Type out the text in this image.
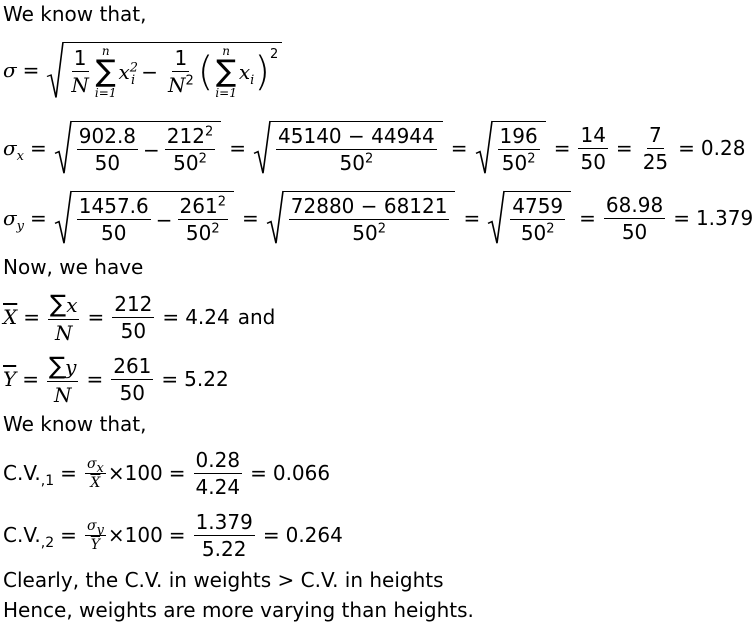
We know that,
σ = 1
N
n
∑
i=1
$x^2_i - \frac{1}{N^2}$ ( n
∑
i=1
$x_i$ ) 2
$\sigma_x = 902.8$
50
− $\frac{212^2}{50^2} = 45140 - 44944$
$50^2$	= 196
$50^2 = \frac{14}{50} = \frac{7}{25} = 0.28$
$\sigma_y = 1457.6$
50
− $\frac{261^2}{50^2} = 72880 - 68121$
$50^2$	= 4759
$50^2 = \frac{68.98}{50} = 1.379$
Now, we have
$\overline{X} = \frac{\sum x}{N} = \frac{212}{50} = 4.24$ and
$\overline{Y} = \frac{\sum y}{N} = \frac{261}{50} = 5.22$
We know that,
$C.V._{,1} = \frac{\sigma_x}{X} \times 100 = \frac{0.28}{4.24} = 0.066$
$C.V._{,2} = \frac{\sigma_y}{Y} \times 100 = \frac{1.379}{5.22} = 0.264$
Clearly, the C.V. in weights > C.V. in heights
Hence, weights are more varying than heights.
